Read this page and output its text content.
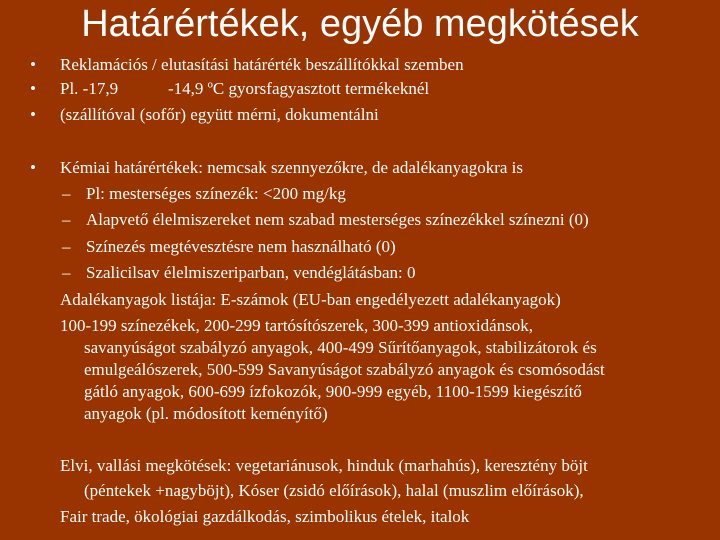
Határértékek, egyéb megkötések
• Reklamációs / elutasítási határérték beszállítókkal szemben
• Pl. -17,9	-14,9 ºC gyorsfagyasztott termékeknél
• (szállítóval (sofőr) együtt mérni, dokumentálni
• Kémiai határértékek: nemcsak szennyezőkre, de adalékanyagokra is
– Pl: mesterséges színezék: <200 mg/kg
– Alapvető élelmiszereket nem szabad mesterséges színezékkel színezni (0)
– Színezés megtévesztésre nem használható (0)
– Szalicilsav élelmiszeriparban, vendéglátásban: 0
Adalékanyagok listája: E-számok (EU-ban engedélyezett adalékanyagok)
100-199 színezékek, 200-299 tartósítószerek, 300-399 antioxidánsok,
savanyúságot szabályzó anyagok, 400-499 Sűrítőanyagok, stabilizátorok és
emulgeálószerek, 500-599 Savanyúságot szabályzó anyagok és csomósodást
gátló anyagok, 600-699 ízfokozók, 900-999 egyéb, 1100-1599 kiegészítő
anyagok (pl. módosított keményítő)
Elvi, vallási megkötések: vegetariánusok, hinduk (marhahús), keresztény böjt
(péntekek +nagyböjt), Kóser (zsidó előírások), halal (muszlim előírások),
Fair trade, ökológiai gazdálkodás, szimbolikus ételek, italok
